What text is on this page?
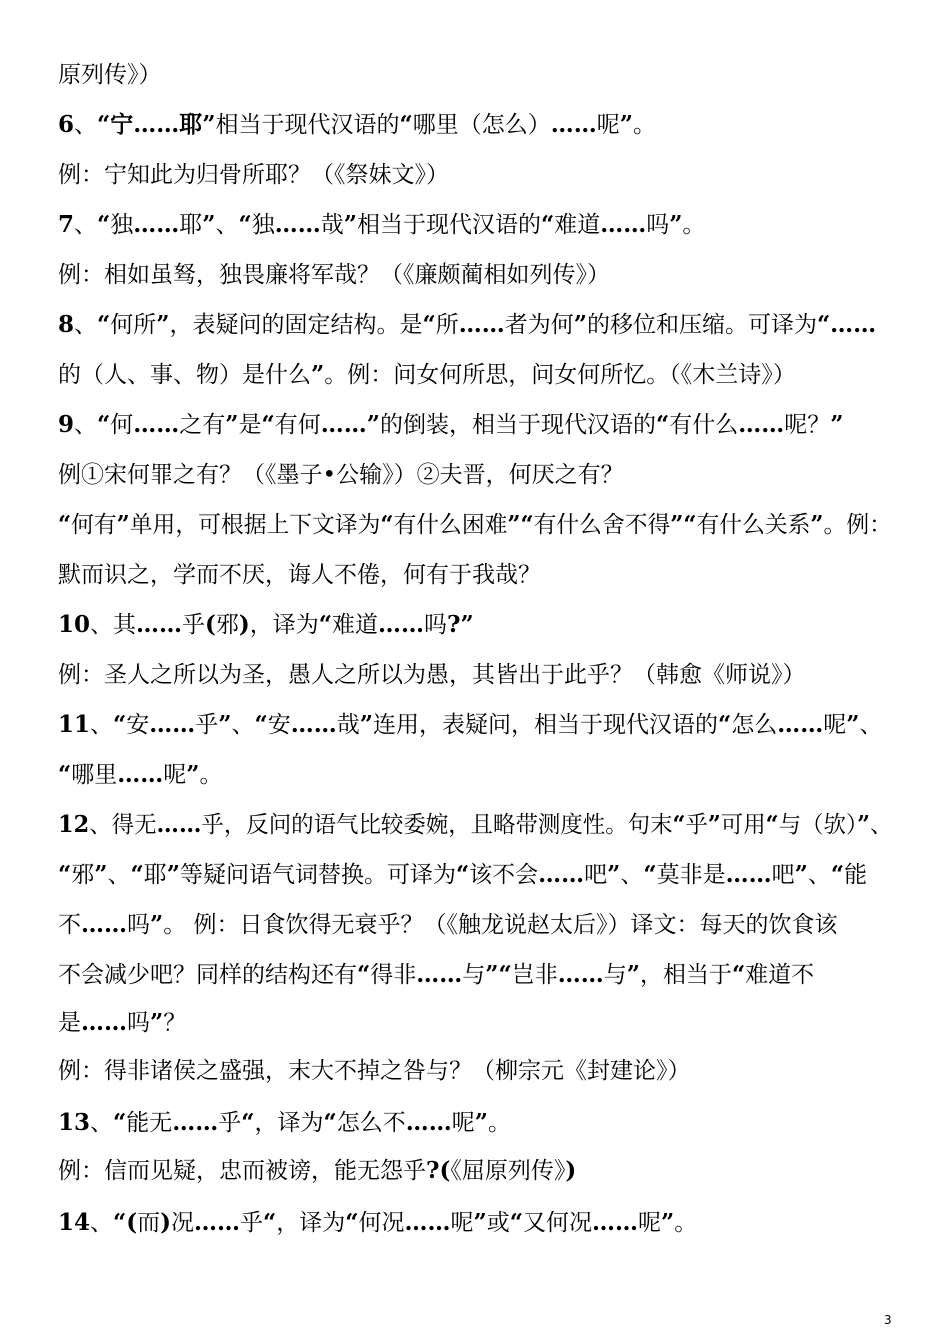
原列传》）
6、“宁……耶”相当于现代汉语的“哪里（怎么）……呢”。
例：宁知此为归骨所耶？（《祭妹文》）
7、“独……耶”、“独……哉”相当于现代汉语的“难道……吗”。
例：相如虽驽，独畏廉将军哉？（《廉颇蔺相如列传》）
8、“何所”，表疑问的固定结构。是“所……者为何”的移位和压缩。可译为“……
的（人、事、物）是什么”。例：问女何所思，问女何所忆。（《木兰诗》）
9、“何……之有”是“有何……”的倒装，相当于现代汉语的“有什么……呢？”
例①宋何罪之有？（《墨子•公输》）②夫晋，何厌之有？
“何有”单用，可根据上下文译为“有什么困难”“有什么舍不得”“有什么关系”。例：
默而识之，学而不厌，诲人不倦，何有于我哉？
10、其……乎(邪)，译为“难道……吗?”
例：圣人之所以为圣，愚人之所以为愚，其皆出于此乎？（韩愈《师说》）
11、“安……乎”、“安……哉”连用，表疑问，相当于现代汉语的“怎么……呢”、
“哪里……呢”。
12、得无……乎，反问的语气比较委婉，且略带测度性。句末“乎”可用“与（欤）”、
“邪”、“耶”等疑问语气词替换。可译为“该不会……吧”、“莫非是……吧”、“能
不……吗”。 例：日食饮得无衰乎？（《触龙说赵太后》）译文：每天的饮食该
不会减少吧？同样的结构还有“得非……与”“岂非……与”，相当于“难道不
是……吗”？
例：得非诸侯之盛强，末大不掉之咎与？（柳宗元《封建论》）
13、“能无……乎“，译为“怎么不……呢”。
例：信而见疑，忠而被谤，能无怨乎?(《屈原列传》)
14、“(而)况……乎“，译为“何况……呢”或“又何况……呢”。
3
